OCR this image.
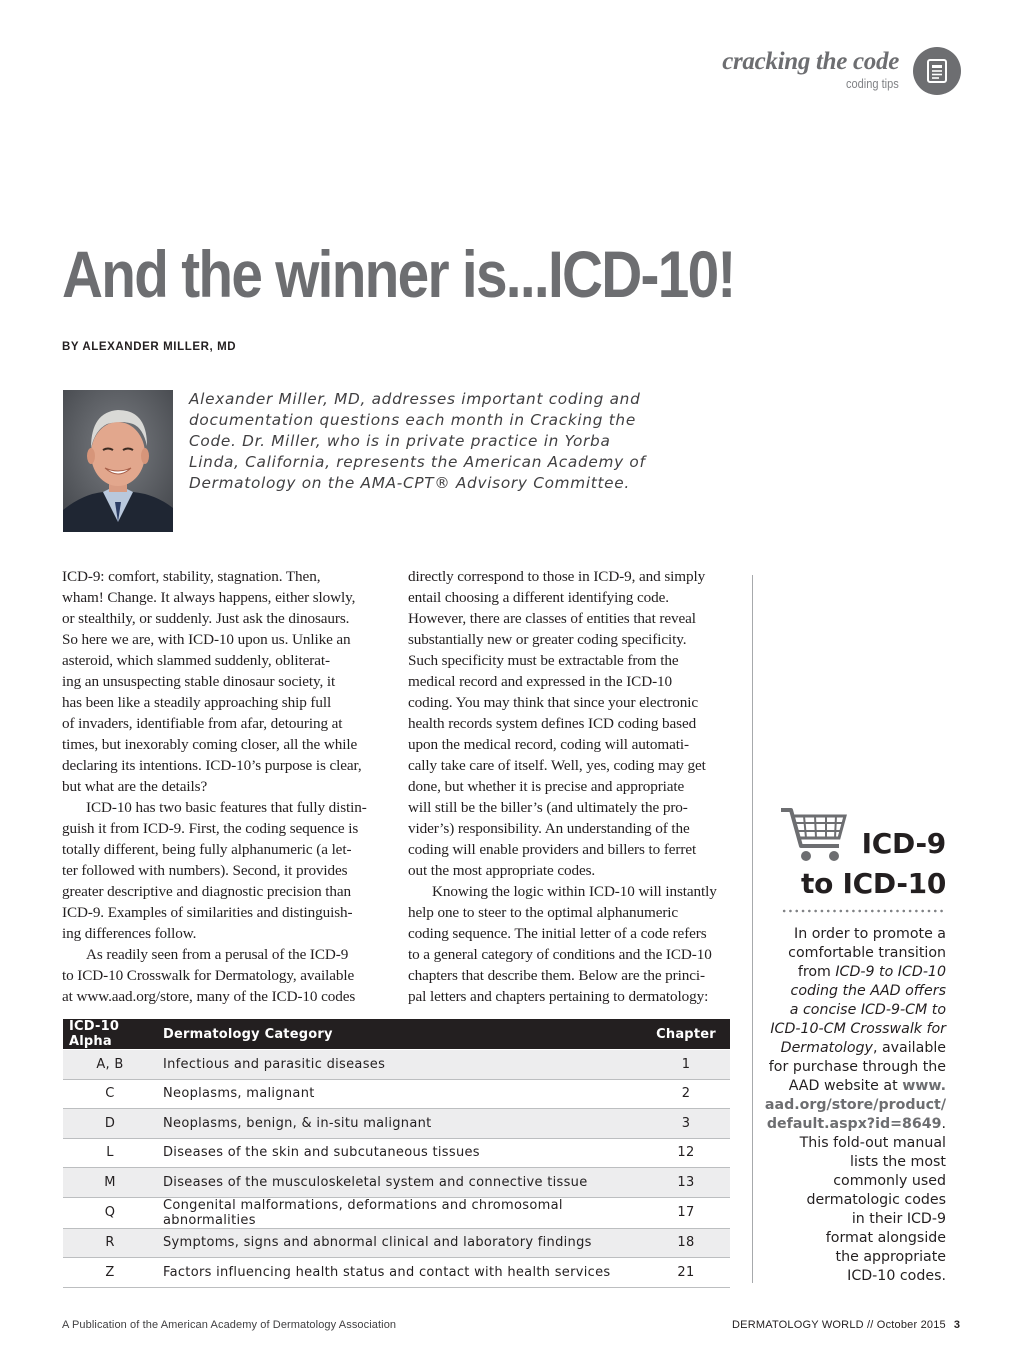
cracking the code
coding tips
And the winner is...ICD-10!
BY ALEXANDER MILLER, MD
Alexander Miller, MD, addresses important coding and documentation questions each month in Cracking the Code. Dr. Miller, who is in private practice in Yorba Linda, California, represents the American Academy of Dermatology on the AMA-CPT® Advisory Committee.
ICD-9: comfort, stability, stagnation. Then,
wham! Change. It always happens, either slowly,
or stealthily, or suddenly. Just ask the dinosaurs.
So here we are, with ICD-10 upon us. Unlike an
asteroid, which slammed suddenly, obliterat-
ing an unsuspecting stable dinosaur society, it
has been like a steadily approaching ship full
of invaders, identifiable from afar, detouring at
times, but inexorably coming closer, all the while
declaring its intentions. ICD-10’s purpose is clear,
but what are the details?
ICD-10 has two basic features that fully distin-
guish it from ICD-9. First, the coding sequence is
totally different, being fully alphanumeric (a let-
ter followed with numbers). Second, it provides
greater descriptive and diagnostic precision than
ICD-9. Examples of similarities and distinguish-
ing differences follow.
As readily seen from a perusal of the ICD-9
to ICD-10 Crosswalk for Dermatology, available
at www.aad.org/store, many of the ICD-10 codes
directly correspond to those in ICD-9, and simply
entail choosing a different identifying code.
However, there are classes of entities that reveal
substantially new or greater coding specificity.
Such specificity must be extractable from the
medical record and expressed in the ICD-10
coding. You may think that since your electronic
health records system defines ICD coding based
upon the medical record, coding will automati-
cally take care of itself. Well, yes, coding may get
done, but whether it is precise and appropriate
will still be the biller’s (and ultimately the pro-
vider’s) responsibility. An understanding of the
coding will enable providers and billers to ferret
out the most appropriate codes.
Knowing the logic within ICD-10 will instantly
help one to steer to the optimal alphanumeric
coding sequence. The initial letter of a code refers
to a general category of conditions and the ICD-10
chapters that describe them. Below are the princi-
pal letters and chapters pertaining to dermatology:
ICD-10 Alpha	Dermatology Category	Chapter
A, B	Infectious and parasitic diseases	1
C	Neoplasms, malignant	2
D	Neoplasms, benign, & in-situ malignant	3
L	Diseases of the skin and subcutaneous tissues	12
M	Diseases of the musculoskeletal system and connective tissue	13
Q	Congenital malformations, deformations and chromosomal abnormalities	17
R	Symptoms, signs and abnormal clinical and laboratory findings	18
Z	Factors influencing health status and contact with health services	21
ICD-9
to ICD-10
In order to promote a
comfortable transition
from ICD-9 to ICD-10
coding the AAD offers
a concise ICD-9-CM to
ICD-10-CM Crosswalk for
Dermatology, available
for purchase through the
AAD website at www.
aad.org/store/product/
default.aspx?id=8649.
This fold-out manual
lists the most
commonly used
dermatologic codes
in their ICD-9
format alongside
the appropriate
ICD-10 codes.
A Publication of the American Academy of Dermatology Association	DERMATOLOGY WORLD // October 2015 3
